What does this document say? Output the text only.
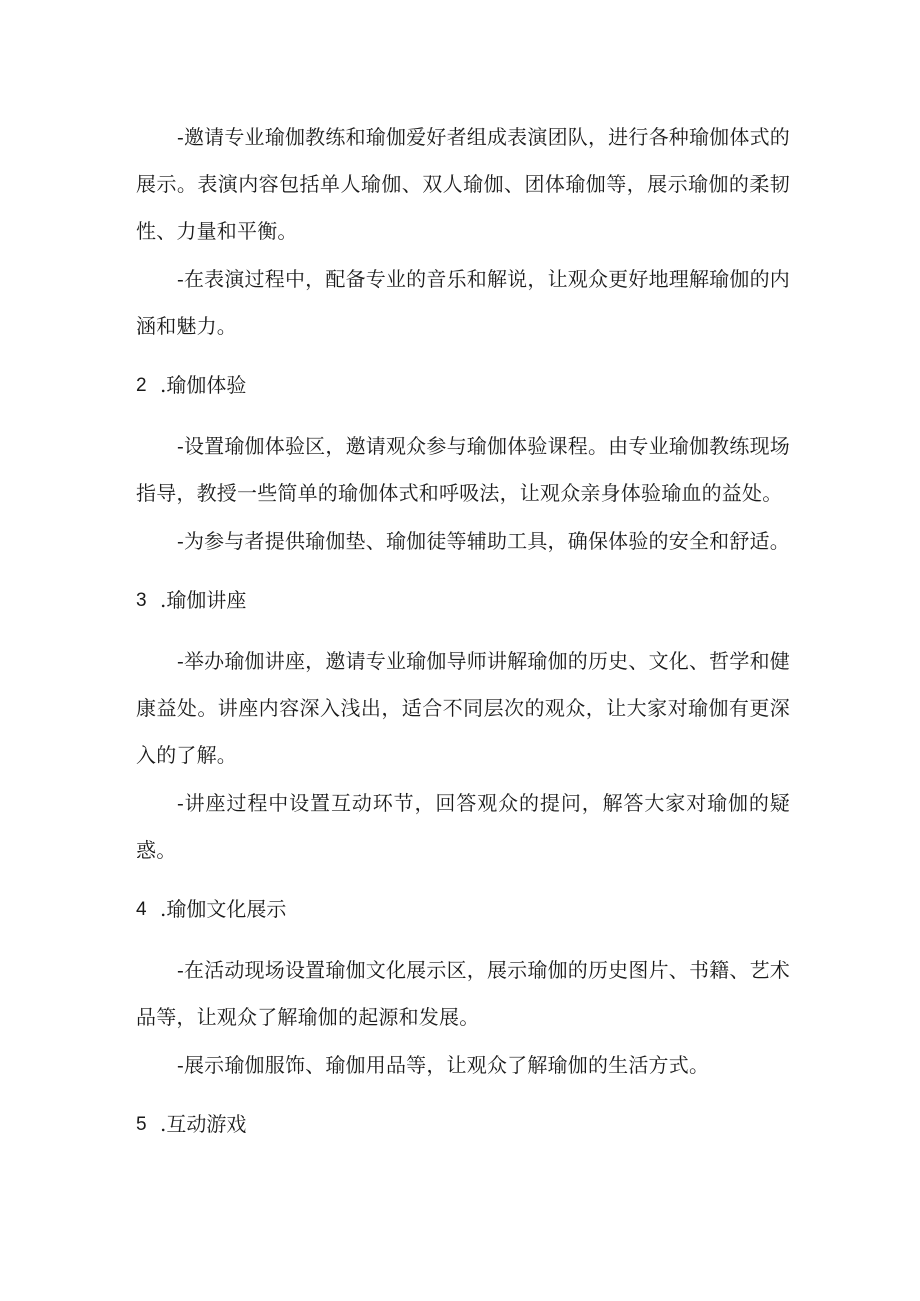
-邀请专业瑜伽教练和瑜伽爱好者组成表演团队，进行各种瑜伽体式的展示。表演内容包括单人瑜伽、双人瑜伽、团体瑜伽等，展示瑜伽的柔韧性、力量和平衡。

-在表演过程中，配备专业的音乐和解说，让观众更好地理解瑜伽的内涵和魅力。

2 .瑜伽体验

-设置瑜伽体验区，邀请观众参与瑜伽体验课程。由专业瑜伽教练现场指导，教授一些简单的瑜伽体式和呼吸法，让观众亲身体验瑜血的益处。

-为参与者提供瑜伽垫、瑜伽徒等辅助工具，确保体验的安全和舒适。

3 .瑜伽讲座

-举办瑜伽讲座，邀请专业瑜伽导师讲解瑜伽的历史、文化、哲学和健康益处。讲座内容深入浅出，适合不同层次的观众，让大家对瑜伽有更深入的了解。

-讲座过程中设置互动环节，回答观众的提问，解答大家对瑜伽的疑惑。

4 .瑜伽文化展示

-在活动现场设置瑜伽文化展示区，展示瑜伽的历史图片、书籍、艺术品等，让观众了解瑜伽的起源和发展。

-展示瑜伽服饰、瑜伽用品等，让观众了解瑜伽的生活方式。

5 .互动游戏
